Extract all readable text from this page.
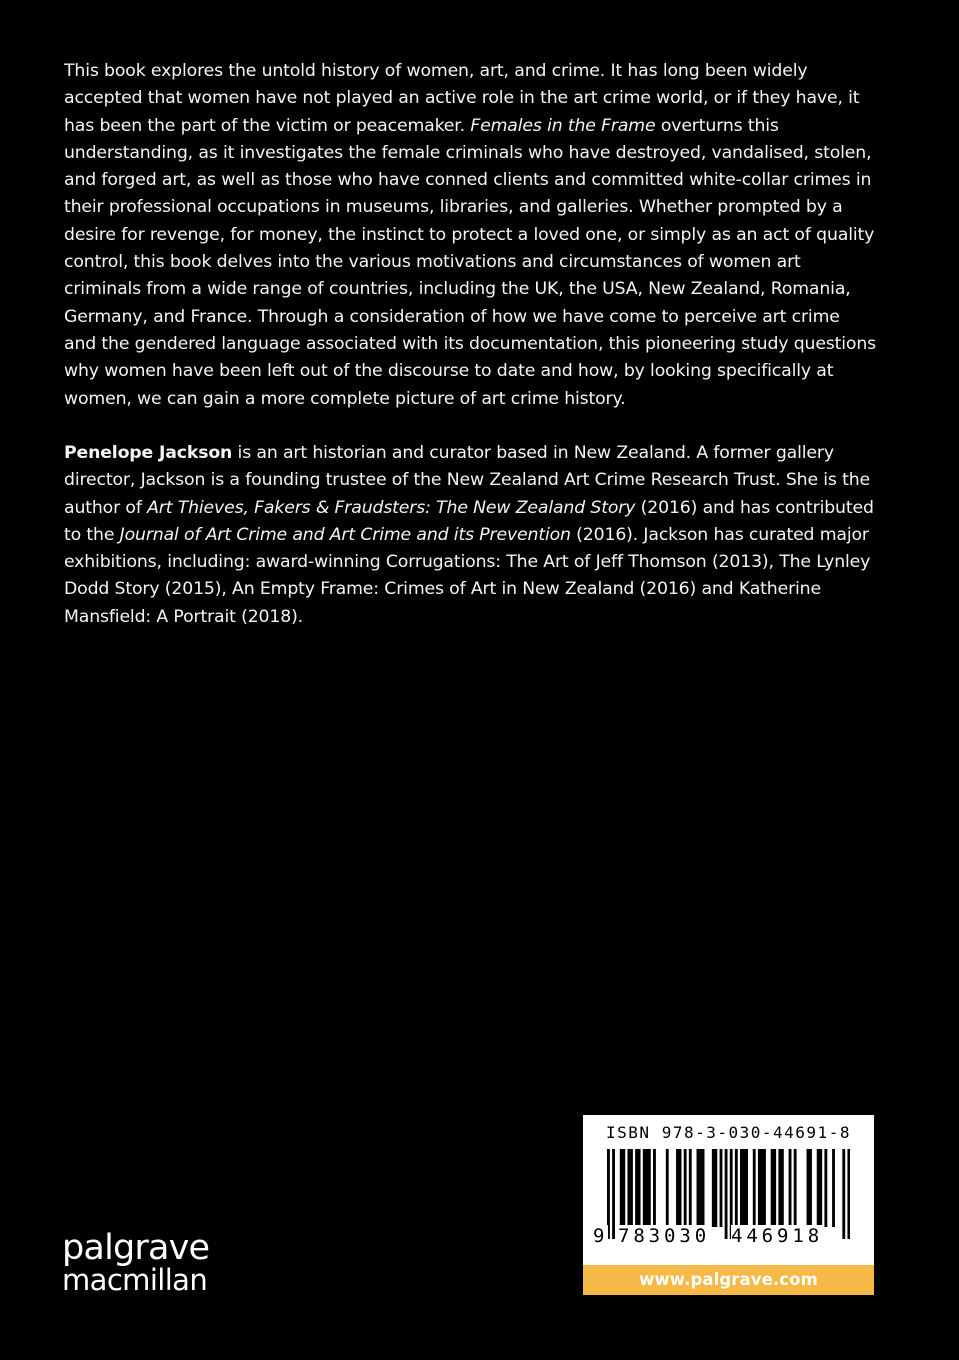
This book explores the untold history of women, art, and crime. It has long been widely accepted that women have not played an active role in the art crime world, or if they have, it has been the part of the victim or peacemaker. Females in the Frame overturns this understanding, as it investigates the female criminals who have destroyed, vandalised, stolen, and forged art, as well as those who have conned clients and committed white-collar crimes in their professional occupations in museums, libraries, and galleries. Whether prompted by a desire for revenge, for money, the instinct to protect a loved one, or simply as an act of quality control, this book delves into the various motivations and circumstances of women art criminals from a wide range of countries, including the UK, the USA, New Zealand, Romania, Germany, and France. Through a consideration of how we have come to perceive art crime and the gendered language associated with its documentation, this pioneering study questions why women have been left out of the discourse to date and how, by looking specifically at women, we can gain a more complete picture of art crime history.

Penelope Jackson is an art historian and curator based in New Zealand. A former gallery director, Jackson is a founding trustee of the New Zealand Art Crime Research Trust. She is the author of Art Thieves, Fakers & Fraudsters: The New Zealand Story (2016) and has contributed to the Journal of Art Crime and Art Crime and its Prevention (2016). Jackson has curated major exhibitions, including: award-winning Corrugations: The Art of Jeff Thomson (2013), The Lynley Dodd Story (2015), An Empty Frame: Crimes of Art in New Zealand (2016) and Katherine Mansfield: A Portrait (2018).

palgrave
macmillan
ISBN 978-3-030-44691-8
9 783030 446918
www.palgrave.com
